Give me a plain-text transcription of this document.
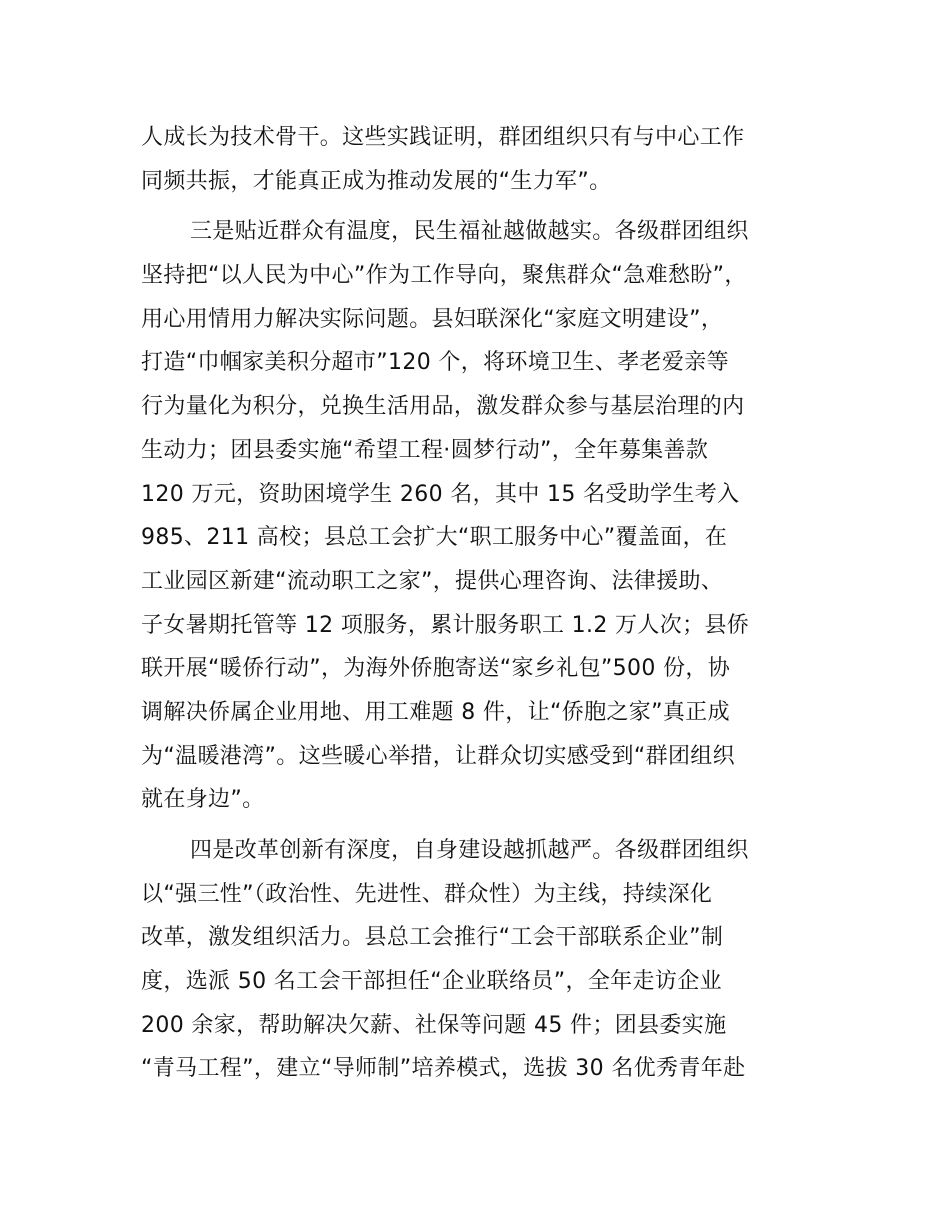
人成长为技术骨干。这些实践证明，群团组织只有与中心工作
同频共振，才能真正成为推动发展的“生力军”。
三是贴近群众有温度，民生福祉越做越实。各级群团组织
坚持把“以人民为中心”作为工作导向，聚焦群众“急难愁盼”，
用心用情用力解决实际问题。县妇联深化“家庭文明建设”，
打造“巾帼家美积分超市”120 个，将环境卫生、孝老爱亲等
行为量化为积分，兑换生活用品，激发群众参与基层治理的内
生动力；团县委实施“希望工程·圆梦行动”，全年募集善款
120 万元，资助困境学生 260 名，其中 15 名受助学生考入
985、211 高校；县总工会扩大“职工服务中心”覆盖面，在
工业园区新建“流动职工之家”，提供心理咨询、法律援助、
子女暑期托管等 12 项服务，累计服务职工 1.2 万人次；县侨
联开展“暖侨行动”，为海外侨胞寄送“家乡礼包”500 份，协
调解决侨属企业用地、用工难题 8 件，让“侨胞之家”真正成
为“温暖港湾”。这些暖心举措，让群众切实感受到“群团组织
就在身边”。
四是改革创新有深度，自身建设越抓越严。各级群团组织
以“强三性”（政治性、先进性、群众性）为主线，持续深化
改革，激发组织活力。县总工会推行“工会干部联系企业”制
度，选派 50 名工会干部担任“企业联络员”，全年走访企业
200 余家，帮助解决欠薪、社保等问题 45 件；团县委实施
“青马工程”，建立“导师制”培养模式，选拔 30 名优秀青年赴
